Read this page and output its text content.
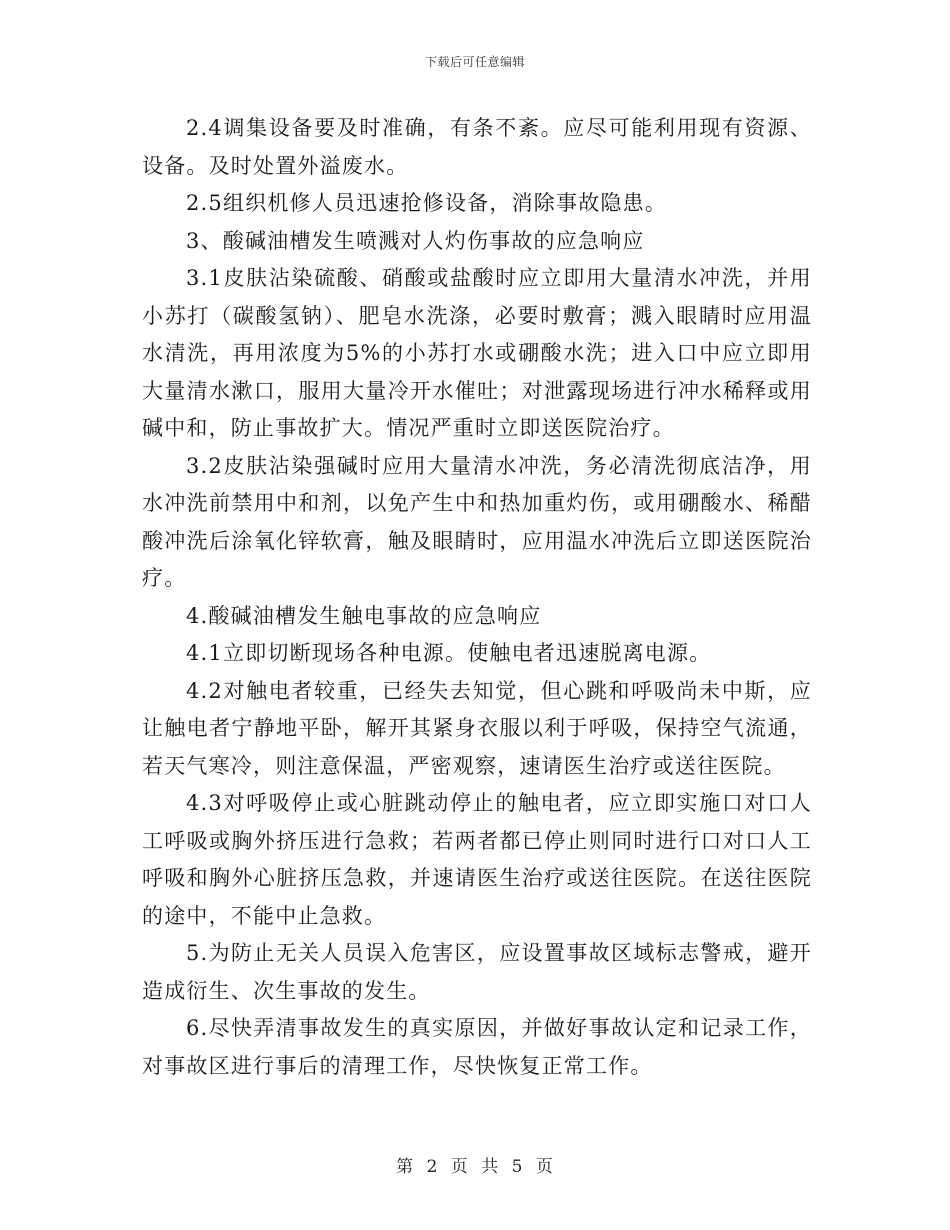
下载后可任意编辑

2.4调集设备要及时准确，有条不紊。应尽可能利用现有资源、设备。及时处置外溢废水。

2.5组织机修人员迅速抢修设备，消除事故隐患。

3、酸碱油槽发生喷溅对人灼伤事故的应急响应

3.1皮肤沾染硫酸、硝酸或盐酸时应立即用大量清水冲洗，并用小苏打（碳酸氢钠）、肥皂水洗涤，必要时敷膏；溅入眼睛时应用温水清洗，再用浓度为5%的小苏打水或硼酸水洗；进入口中应立即用大量清水漱口，服用大量冷开水催吐；对泄露现场进行冲水稀释或用碱中和，防止事故扩大。情况严重时立即送医院治疗。

3.2皮肤沾染强碱时应用大量清水冲洗，务必清洗彻底洁净，用水冲洗前禁用中和剂，以免产生中和热加重灼伤，或用硼酸水、稀醋酸冲洗后涂氧化锌软膏，触及眼睛时，应用温水冲洗后立即送医院治疗。

4.酸碱油槽发生触电事故的应急响应

4.1立即切断现场各种电源。使触电者迅速脱离电源。

4.2对触电者较重，已经失去知觉，但心跳和呼吸尚未中斯，应让触电者宁静地平卧，解开其紧身衣服以利于呼吸，保持空气流通，若天气寒冷，则注意保温，严密观察，速请医生治疗或送往医院。

4.3对呼吸停止或心脏跳动停止的触电者，应立即实施口对口人工呼吸或胸外挤压进行急救；若两者都已停止则同时进行口对口人工呼吸和胸外心脏挤压急救，并速请医生治疗或送往医院。在送往医院的途中，不能中止急救。

5.为防止无关人员误入危害区，应设置事故区域标志警戒，避开造成衍生、次生事故的发生。

6.尽快弄清事故发生的真实原因，并做好事故认定和记录工作，对事故区进行事后的清理工作，尽快恢复正常工作。

第 2 页 共 5 页
